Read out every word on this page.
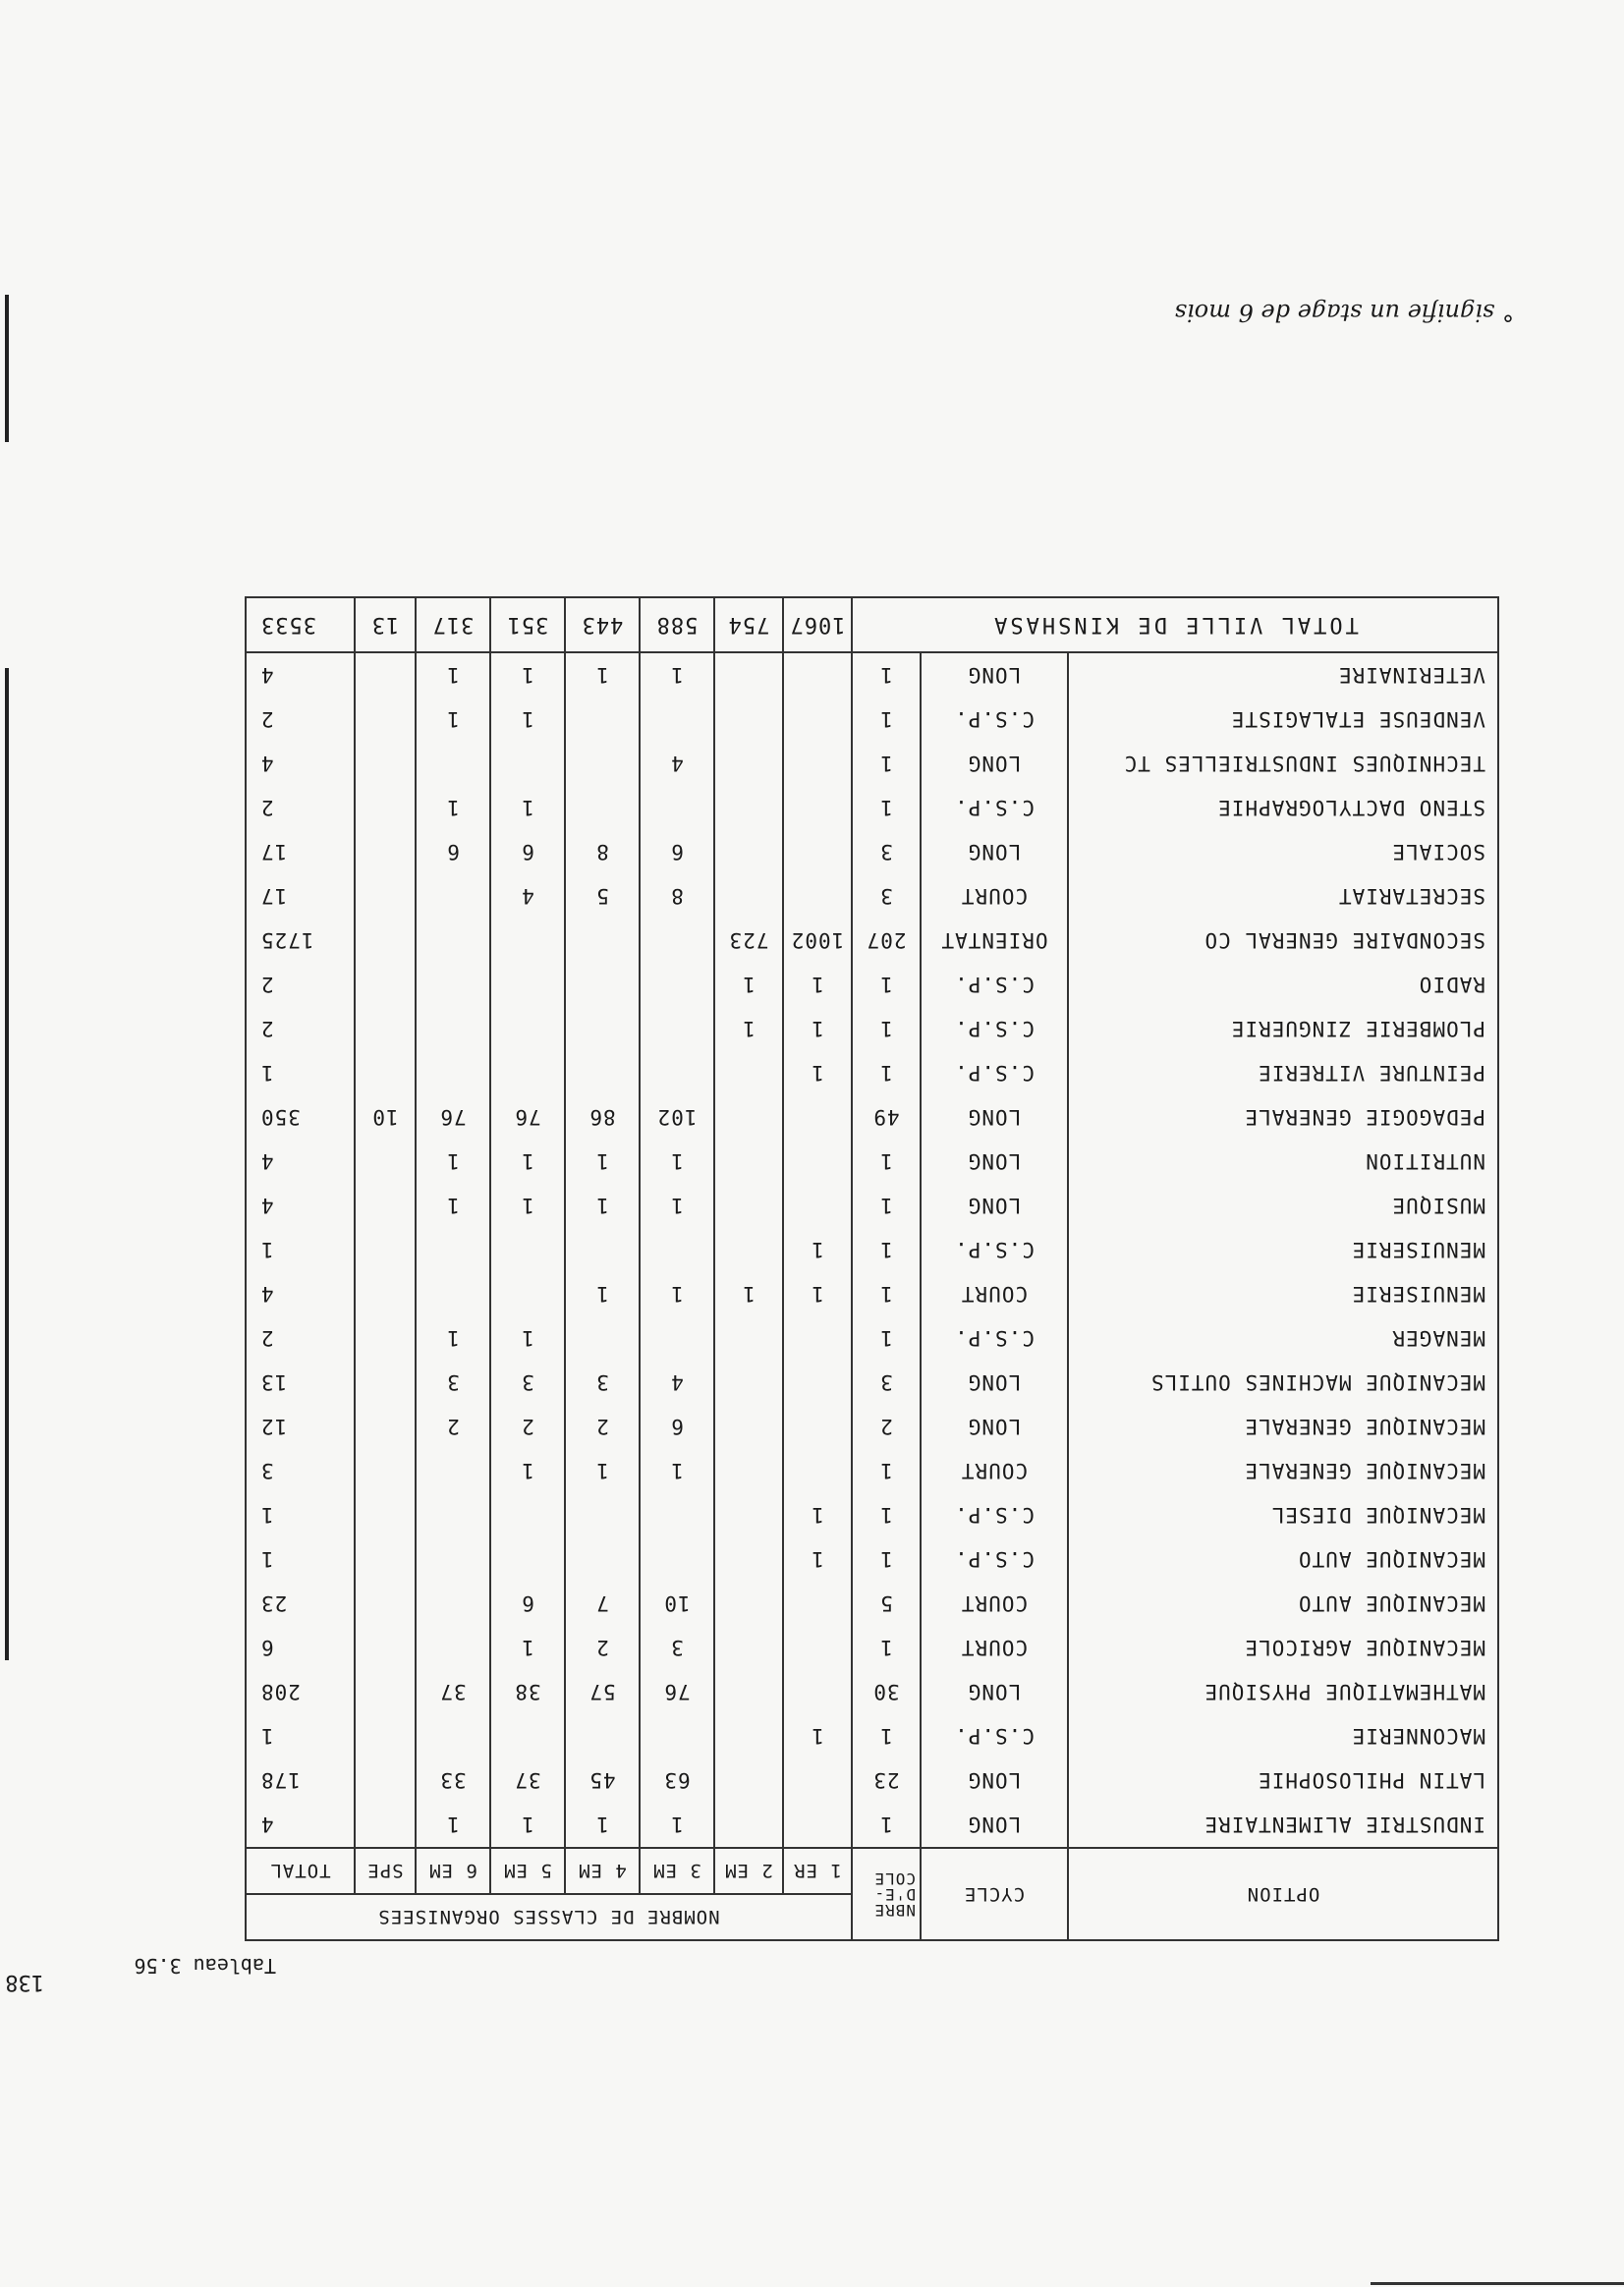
138
Tableau 3.56
OPTION	CYCLE	NBRE D'E-COLE	NOMBRE DE CLASSES ORGANISEES							
			1 ER	2 EM	3 EM	4 EM	5 EM	6 EM	SPE	TOTAL
INDUSTRIE ALIMENTAIRE	LONG	1			1	1	1	1		4
LATIN PHILOSOPHIE	LONG	23			63	45	37	33		178
MACONNERIE	C.S.P.	1	1							1
MATHEMATIQUE PHYSIQUE	LONG	30			76	57	38	37		208
MECANIQUE AGRICOLE	COURT	1			3	2	1			6
MECANIQUE AUTO	COURT	5			10	7	6			23
MECANIQUE AUTO	C.S.P.	1	1							1
MECANIQUE DIESEL	C.S.P.	1	1							1
MECANIQUE GENERALE	COURT	1			1	1	1			3
MECANIQUE GENERALE	LONG	2			6	2	2	2		12
MECANIQUE MACHINES OUTILS	LONG	3			4	3	3	3		13
MENAGER	C.S.P.	1					1	1		2
MENUISERIE	COURT	1	1	1	1	1				4
MENUISERIE	C.S.P.	1	1							1
MUSIQUE	LONG	1			1	1	1	1		4
NUTRITION	LONG	1			1	1	1	1		4
PEDAGOGIE GENERALE	LONG	49			102	86	76	76	10	350
PEINTURE VITRERIE	C.S.P.	1	1							1
PLOMBERIE ZINGUERIE	C.S.P.	1	1	1						2
RADIO	C.S.P.	1	1	1						2
SECONDAIRE GENERAL CO	ORIENTAT	207	1002	723						1725
SECRETARIAT	COURT	3			8	5	4			17
SOCIALE	LONG	3			6	8	6	6		17
STENO DACTYLOGRAPHIE	C.S.P.	1					1	1		2
TECHNIQUES INDUSTRIELLES TC	LONG	1			4					4
VENDEUSE ETALAGISTE	C.S.P.	1					1	1		2
VETERINAIRE	LONG	1			1	1	1	1		4
TOTAL VILLE DE KINSHASA			1067	754	588	443	351	317	13	3533
° signifie un stage de 6 mois
